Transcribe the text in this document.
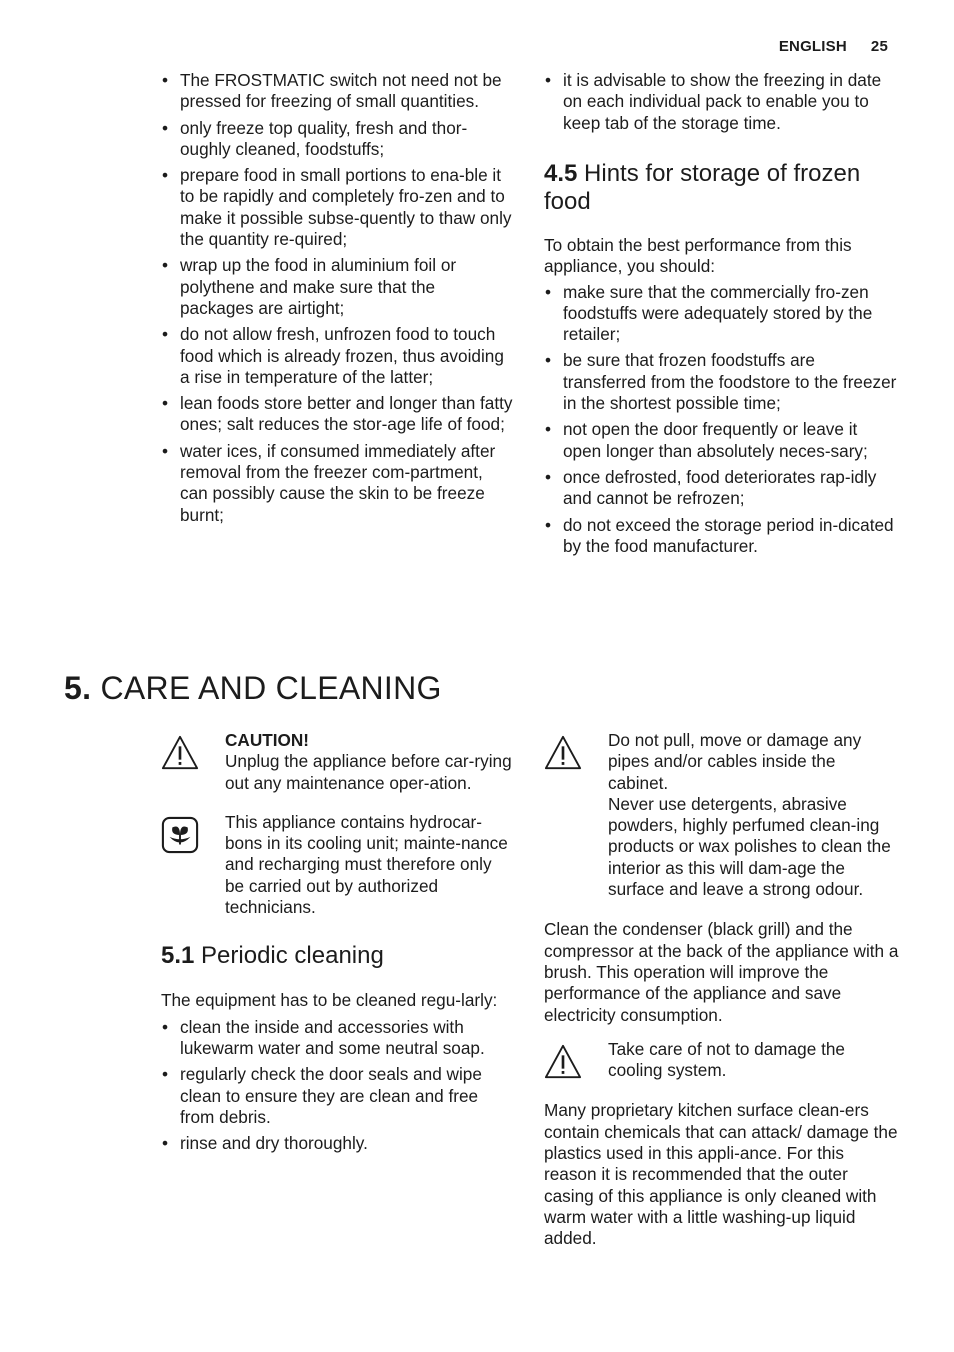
ENGLISH 25
• The FROSTMATIC switch not need not be pressed for freezing of small quantities.
• only freeze top quality, fresh and thor-oughly cleaned, foodstuffs;
• prepare food in small portions to ena-ble it to be rapidly and completely fro-zen and to make it possible subse-quently to thaw only the quantity re-quired;
• wrap up the food in aluminium foil or polythene and make sure that the packages are airtight;
• do not allow fresh, unfrozen food to touch food which is already frozen, thus avoiding a rise in temperature of the latter;
• lean foods store better and longer than fatty ones; salt reduces the stor-age life of food;
• water ices, if consumed immediately after removal from the freezer com-partment, can possibly cause the skin to be freeze burnt;
• it is advisable to show the freezing in date on each individual pack to enable you to keep tab of the storage time.
4.5 Hints for storage of frozen food

To obtain the best performance from this appliance, you should:

• make sure that the commercially fro-zen foodstuffs were adequately stored by the retailer;
• be sure that frozen foodstuffs are transferred from the foodstore to the freezer in the shortest possible time;
• not open the door frequently or leave it open longer than absolutely neces-sary;
• once defrosted, food deteriorates rap-idly and cannot be refrozen;
• do not exceed the storage period in-dicated by the food manufacturer.
5. CARE AND CLEANING

CAUTION!

Unplug the appliance before car-rying out any maintenance oper-ation.

This appliance contains hydrocar-bons in its cooling unit; mainte-nance and recharging must therefore only be carried out by authorized technicians.

5.1 Periodic cleaning

The equipment has to be cleaned regu-larly:

• clean the inside and accessories with lukewarm water and some neutral soap.
• regularly check the door seals and wipe clean to ensure they are clean and free from debris.
• rinse and dry thoroughly.

Do not pull, move or damage any pipes and/or cables inside the cabinet.

Never use detergents, abrasive powders, highly perfumed clean-ing products or wax polishes to clean the interior as this will dam-age the surface and leave a strong odour.

Clean the condenser (black grill) and the compressor at the back of the appliance with a brush. This operation will improve the performance of the appliance and save electricity consumption.

Take care of not to damage the cooling system.

Many proprietary kitchen surface clean-ers contain chemicals that can attack/ damage the plastics used in this appli-ance. For this reason it is recommended that the outer casing of this appliance is only cleaned with warm water with a little washing-up liquid added.
